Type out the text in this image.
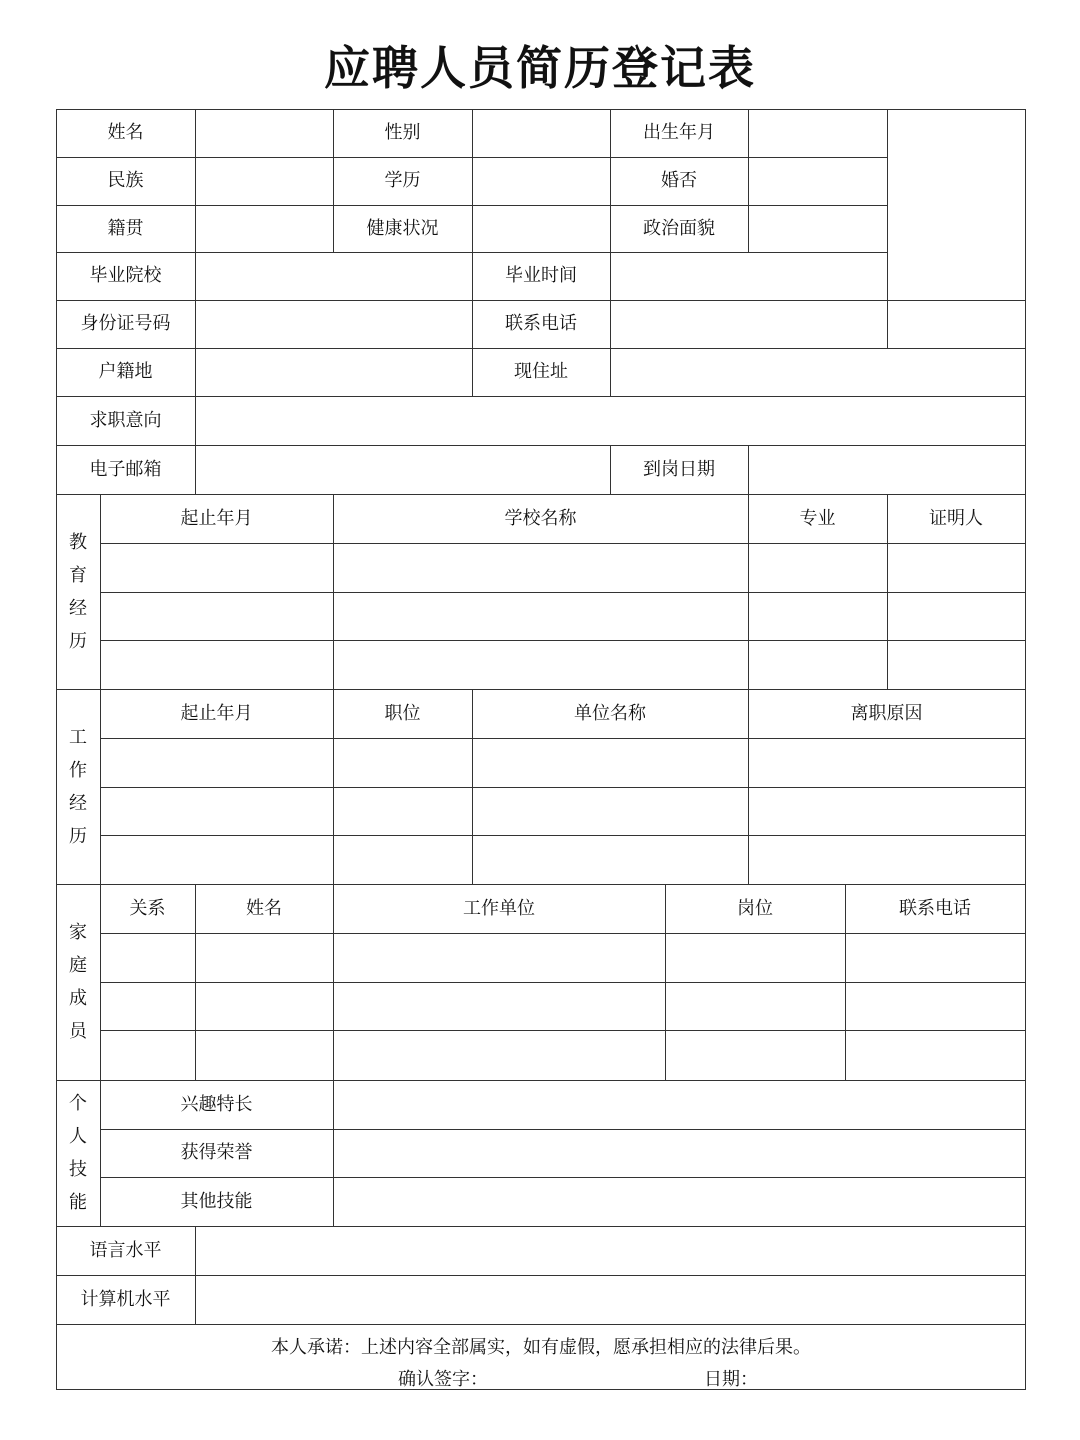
应聘人员简历登记表
姓名	性别	出生年月
民族	学历	婚否
籍贯	健康状况	政治面貌
毕业院校	毕业时间
身份证号码	联系电话
户籍地	现住址
求职意向
电子邮箱	到岗日期
教
育
经
历
起止年月	学校名称	专业	证明人
工
作
经
历
起止年月	职位	单位名称	离职原因
家
庭
成
员
关系	姓名	工作单位	岗位	联系电话
个
人
技
能
兴趣特长
获得荣誉
其他技能
语言水平
计算机水平
本人承诺：上述内容全部属实，如有虚假，愿承担相应的法律后果。
确认签字：	日期：
